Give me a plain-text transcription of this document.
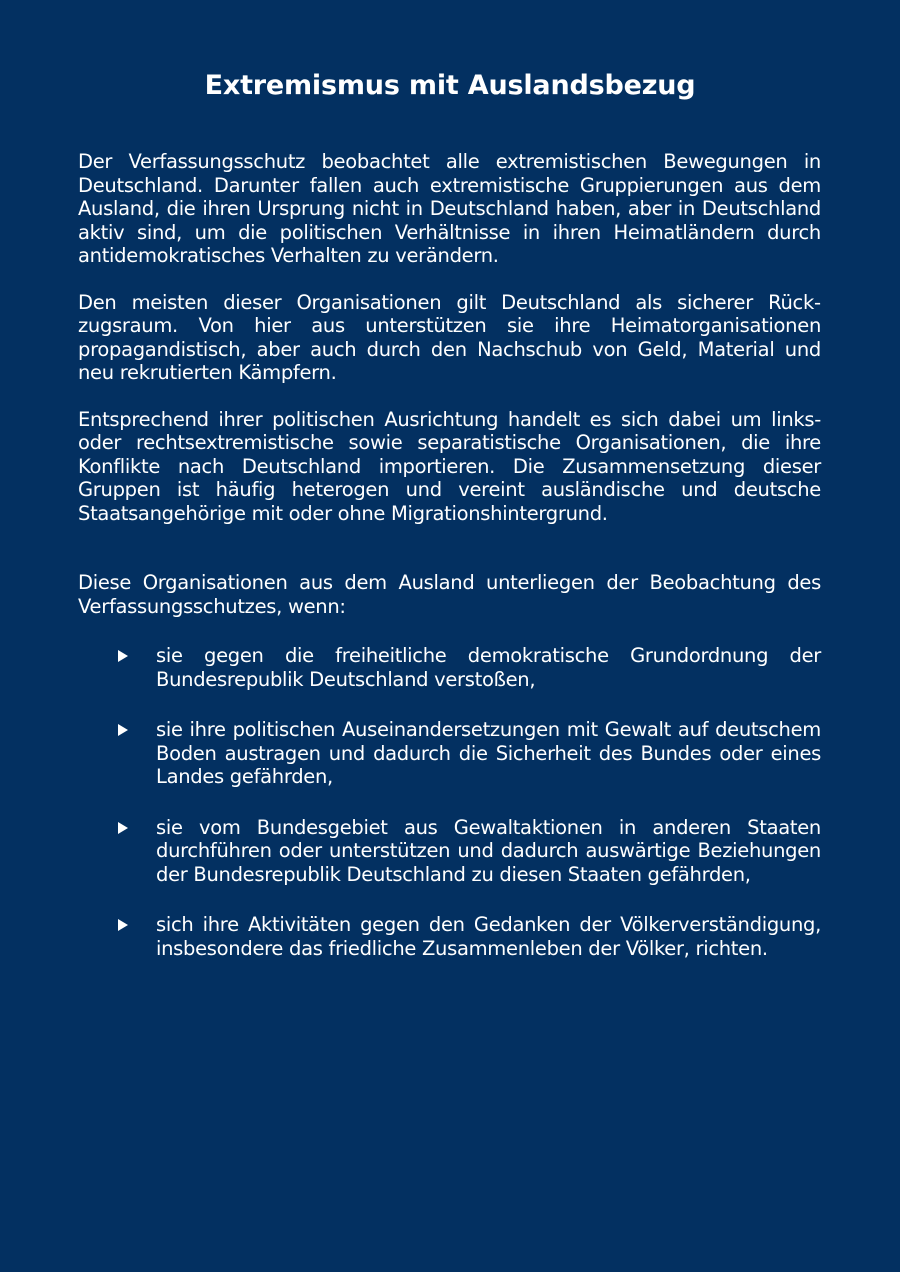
Extremismus mit Auslandsbezug

Der Verfassungsschutz beobachtet alle extremistischen Bewegungen in Deutschland. Darunter fallen auch extremistische Gruppierungen aus dem Ausland, die ihren Ursprung nicht in Deutschland haben, aber in Deutschland aktiv sind, um die politischen Verhältnisse in ihren Heimatländern durch antidemokratisches Verhalten zu verändern.

Den meisten dieser Organisationen gilt Deutschland als sicherer Rückzugsraum. Von hier aus unterstützen sie ihre Heimatorganisationen propagandistisch, aber auch durch den Nachschub von Geld, Material und neu rekrutierten Kämpfern.

Entsprechend ihrer politischen Ausrichtung handelt es sich dabei um links- oder rechtsextremistische sowie separatistische Organisationen, die ihre Konflikte nach Deutschland importieren. Die Zusammensetzung dieser Gruppen ist häufig heterogen und vereint ausländische und deutsche Staatsangehörige mit oder ohne Migrationshintergrund.

Diese Organisationen aus dem Ausland unterliegen der Beobachtung des Verfassungsschutzes, wenn:

sie gegen die freiheitliche demokratische Grundordnung der Bundesrepublik Deutschland verstoßen,
sie ihre politischen Auseinandersetzungen mit Gewalt auf deutschem Boden austragen und dadurch die Sicherheit des Bundes oder eines Landes gefährden,
sie vom Bundesgebiet aus Gewaltaktionen in anderen Staaten durchführen oder unterstützen und dadurch auswärtige Beziehungen der Bundesrepublik Deutschland zu diesen Staaten gefährden,
sich ihre Aktivitäten gegen den Gedanken der Völkerverständigung, insbesondere das friedliche Zusammenleben der Völker, richten.
